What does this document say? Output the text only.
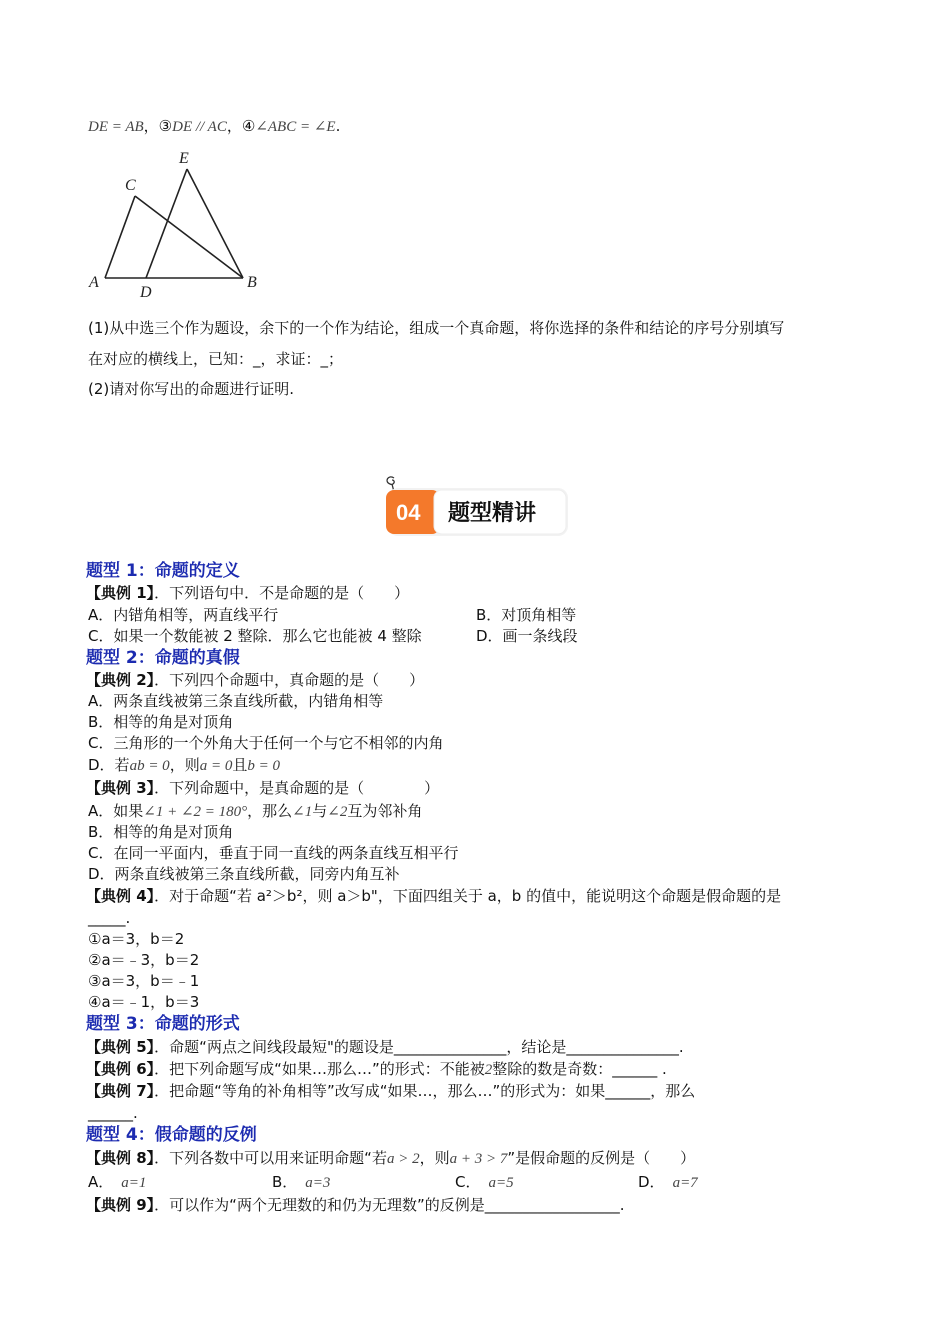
DE = AB，③DE // AC，④∠ABC = ∠E.
E
C
A
D
B
(1)从中选三个作为题设，余下的一个作为结论，组成一个真命题，将你选择的条件和结论的序号分别填写
在对应的横线上，已知：_，求证：_；
(2)请对你写出的命题进行证明.
04 题型精讲
题型 1：命题的定义
【典例 1】．下列语句中．不是命题的是（　　）
A．内错角相等，两直线平行	B．对顶角相等
C．如果一个数能被 2 整除．那么它也能被 4 整除	D．画一条线段
题型 2：命题的真假
【典例 2】．下列四个命题中，真命题的是（　　）
A．两条直线被第三条直线所截，内错角相等
B．相等的角是对顶角
C．三角形的一个外角大于任何一个与它不相邻的内角
D．若ab = 0，则a = 0且b = 0
【典例 3】．下列命题中，是真命题的是（　　　　）
A．如果∠1 + ∠2 = 180°，那么∠1与∠2互为邻补角
B．相等的角是对顶角
C．在同一平面内，垂直于同一直线的两条直线互相平行
D．两条直线被第三条直线所截，同旁内角互补
【典例 4】．对于命题“若 a²＞b²，则 a＞b"，下面四组关于 a，b 的值中，能说明这个命题是假命题的是
_____.
①a＝3，b＝2
②a＝﹣3，b＝2
③a＝3，b＝﹣1
④a＝﹣1，b＝3
题型 3：命题的形式
【典例 5】．命题“两点之间线段最短"的题设是_______________，结论是_______________.
【典例 6】．把下列命题写成“如果…那么…”的形式：不能被2整除的数是奇数：______ .
【典例 7】．把命题“等角的补角相等”改写成“如果…，那么…”的形式为：如果______，那么
______.
题型 4：假命题的反例
【典例 8】．下列各数中可以用来证明命题“若a > 2，则a + 3 > 7”是假命题的反例是（　　）
A． a=1	B． a=3	C． a=5	D． a=7
【典例 9】．可以作为“两个无理数的和仍为无理数”的反例是__________________.
